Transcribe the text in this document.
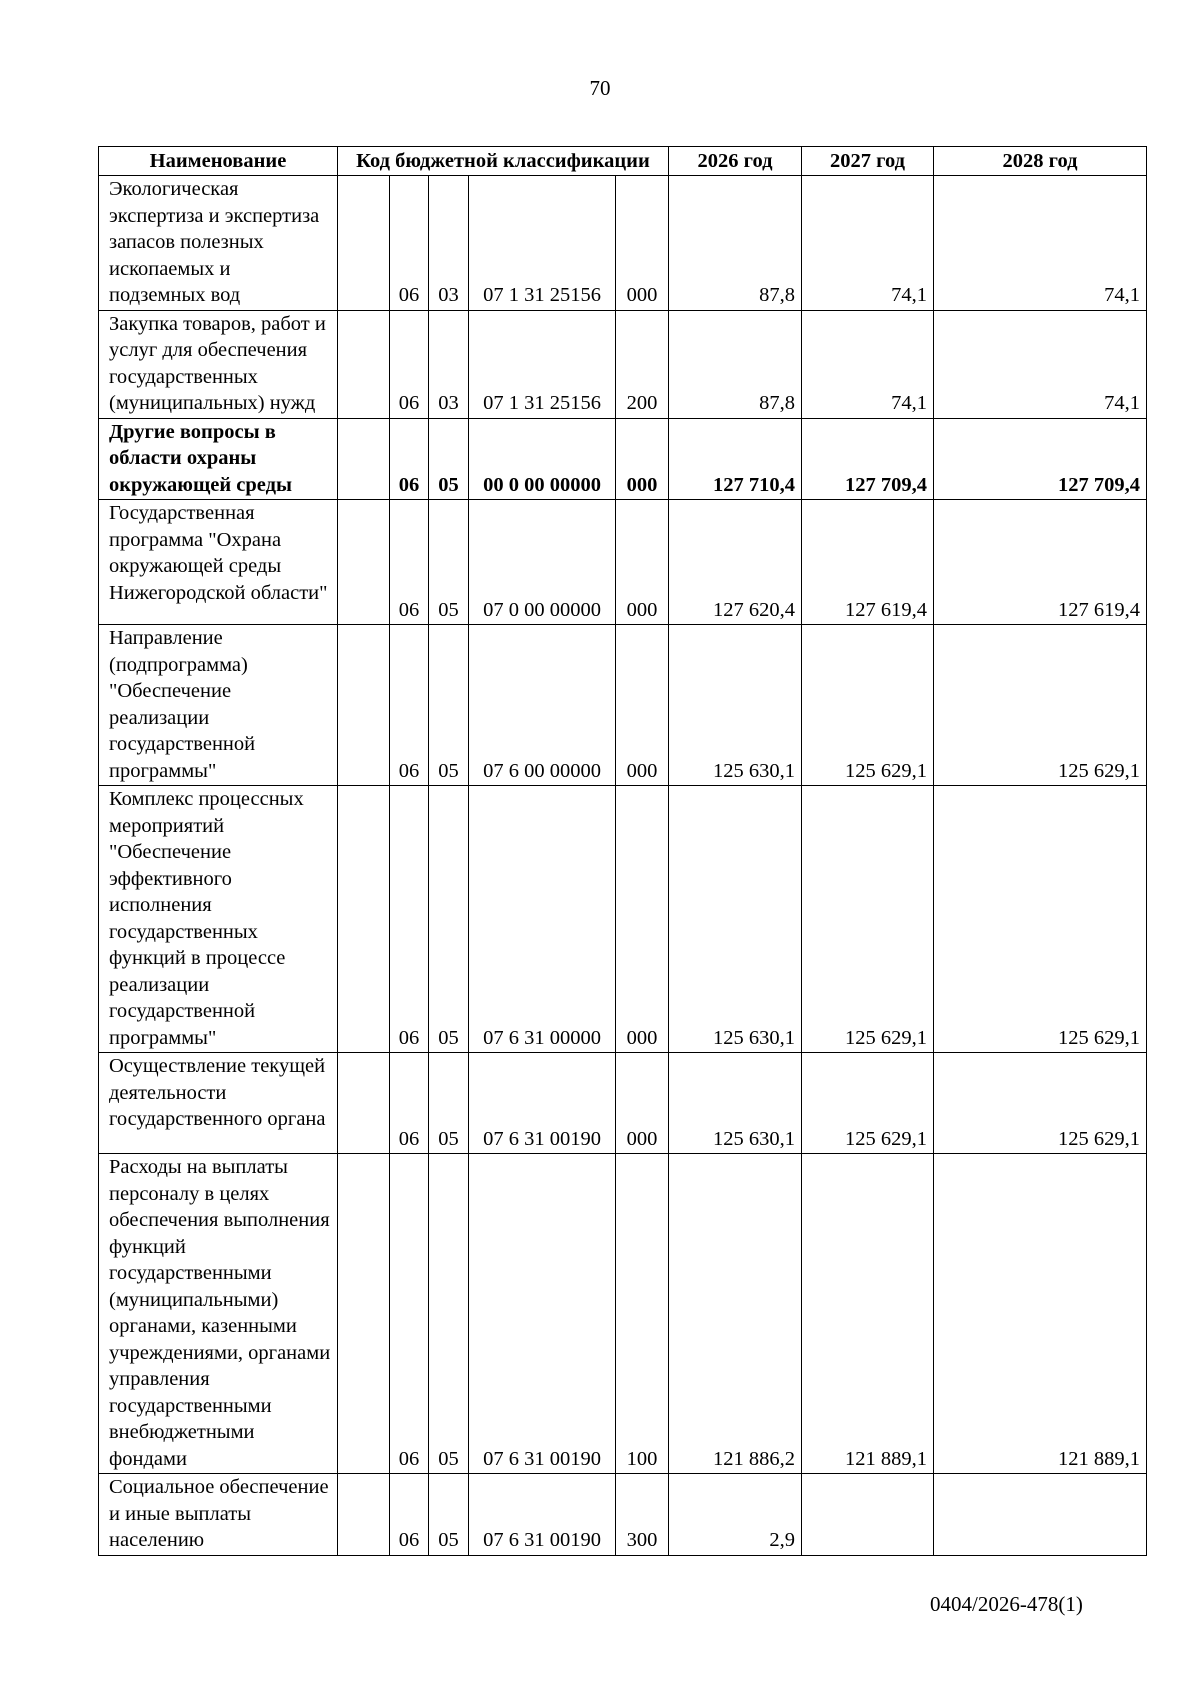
70
Наименование	Код бюджетной классификации					2026 год	2027 год	2028 год
Экологическая экспертиза и экспертиза запасов полезных ископаемых и подземных вод		06	03	07 1 31 25156	000	87,8	74,1	74,1
Закупка товаров, работ и услуг для обеспечения государственных (муниципальных) нужд		06	03	07 1 31 25156	200	87,8	74,1	74,1
Другие вопросы в области охраны окружающей среды		06	05	00 0 00 00000	000	127 710,4	127 709,4	127 709,4
Государственная программа "Охрана окружающей среды Нижегородской области"		06	05	07 0 00 00000	000	127 620,4	127 619,4	127 619,4
Направление (подпрограмма) "Обеспечение реализации государственной программы"		06	05	07 6 00 00000	000	125 630,1	125 629,1	125 629,1
Комплекс процессных мероприятий "Обеспечение эффективного исполнения государственных функций в процессе реализации государственной программы"		06	05	07 6 31 00000	000	125 630,1	125 629,1	125 629,1
Осуществление текущей деятельности государственного органа		06	05	07 6 31 00190	000	125 630,1	125 629,1	125 629,1
Расходы на выплаты персоналу в целях обеспечения выполнения функций государственными (муниципальными) органами, казенными учреждениями, органами управления государственными внебюджетными фондами		06	05	07 6 31 00190	100	121 886,2	121 889,1	121 889,1
Социальное обеспечение и иные выплаты населению		06	05	07 6 31 00190	300	2,9		
0404/2026-478(1)
